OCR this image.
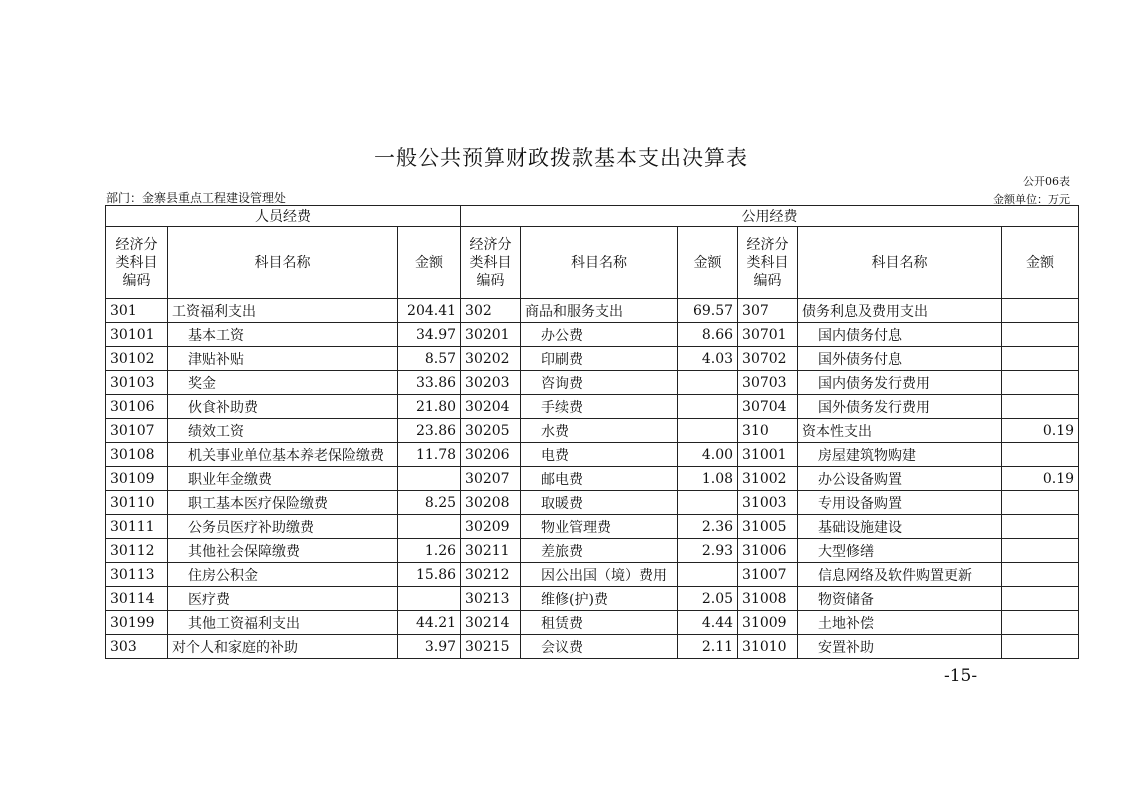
一般公共预算财政拨款基本支出决算表
公开06表
部门：金寨县重点工程建设管理处	金额单位：万元
人员经费			公用经费					
经济分 类科目 编码	科目名称	金额	经济分 类科目 编码	科目名称	金额	经济分 类科目 编码	科目名称	金额
301	工资福利支出	204.41	302	商品和服务支出	69.57	307	债务利息及费用支出	
30101	基本工资	34.97	30201	办公费	8.66	30701	国内债务付息	
30102	津贴补贴	8.57	30202	印刷费	4.03	30702	国外债务付息	
30103	奖金	33.86	30203	咨询费		30703	国内债务发行费用	
30106	伙食补助费	21.80	30204	手续费		30704	国外债务发行费用	
30107	绩效工资	23.86	30205	水费		310	资本性支出	0.19
30108	机关事业单位基本养老保险缴费	11.78	30206	电费	4.00	31001	房屋建筑物购建	
30109	职业年金缴费		30207	邮电费	1.08	31002	办公设备购置	0.19
30110	职工基本医疗保险缴费	8.25	30208	取暖费		31003	专用设备购置	
30111	公务员医疗补助缴费		30209	物业管理费	2.36	31005	基础设施建设	
30112	其他社会保障缴费	1.26	30211	差旅费	2.93	31006	大型修缮	
30113	住房公积金	15.86	30212	因公出国（境）费用		31007	信息网络及软件购置更新	
30114	医疗费		30213	维修(护)费	2.05	31008	物资储备	
30199	其他工资福利支出	44.21	30214	租赁费	4.44	31009	土地补偿	
303	对个人和家庭的补助	3.97	30215	会议费	2.11	31010	安置补助	
-15-
